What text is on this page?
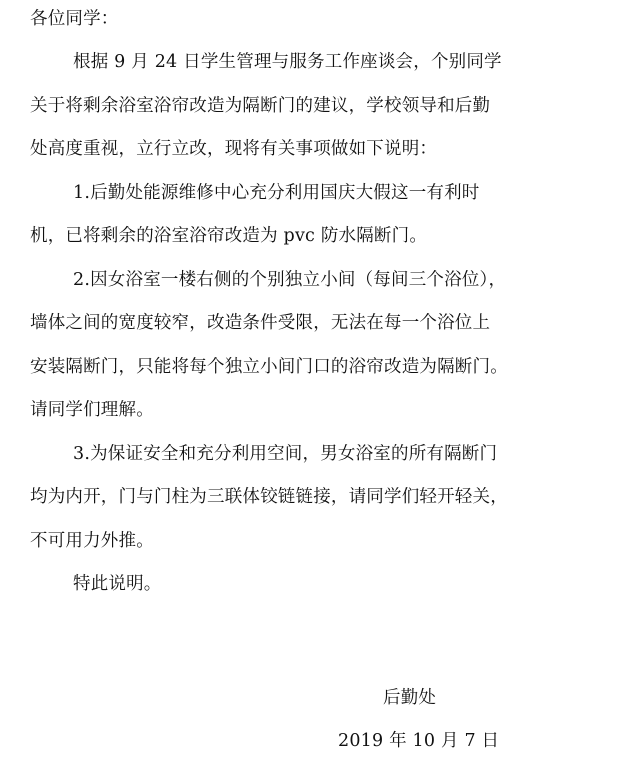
各位同学：
根据 9 月 24 日学生管理与服务工作座谈会，个别同学
关于将剩余浴室浴帘改造为隔断门的建议，学校领导和后勤
处高度重视，立行立改，现将有关事项做如下说明：
1.后勤处能源维修中心充分利用国庆大假这一有利时
机，已将剩余的浴室浴帘改造为 pvc 防水隔断门。
2.因女浴室一楼右侧的个别独立小间（每间三个浴位），
墙体之间的宽度较窄，改造条件受限，无法在每一个浴位上
安装隔断门，只能将每个独立小间门口的浴帘改造为隔断门。
请同学们理解。
3.为保证安全和充分利用空间，男女浴室的所有隔断门
均为内开，门与门柱为三联体铰链链接，请同学们轻开轻关，
不可用力外推。
特此说明。
后勤处
2019 年 10 月 7 日
